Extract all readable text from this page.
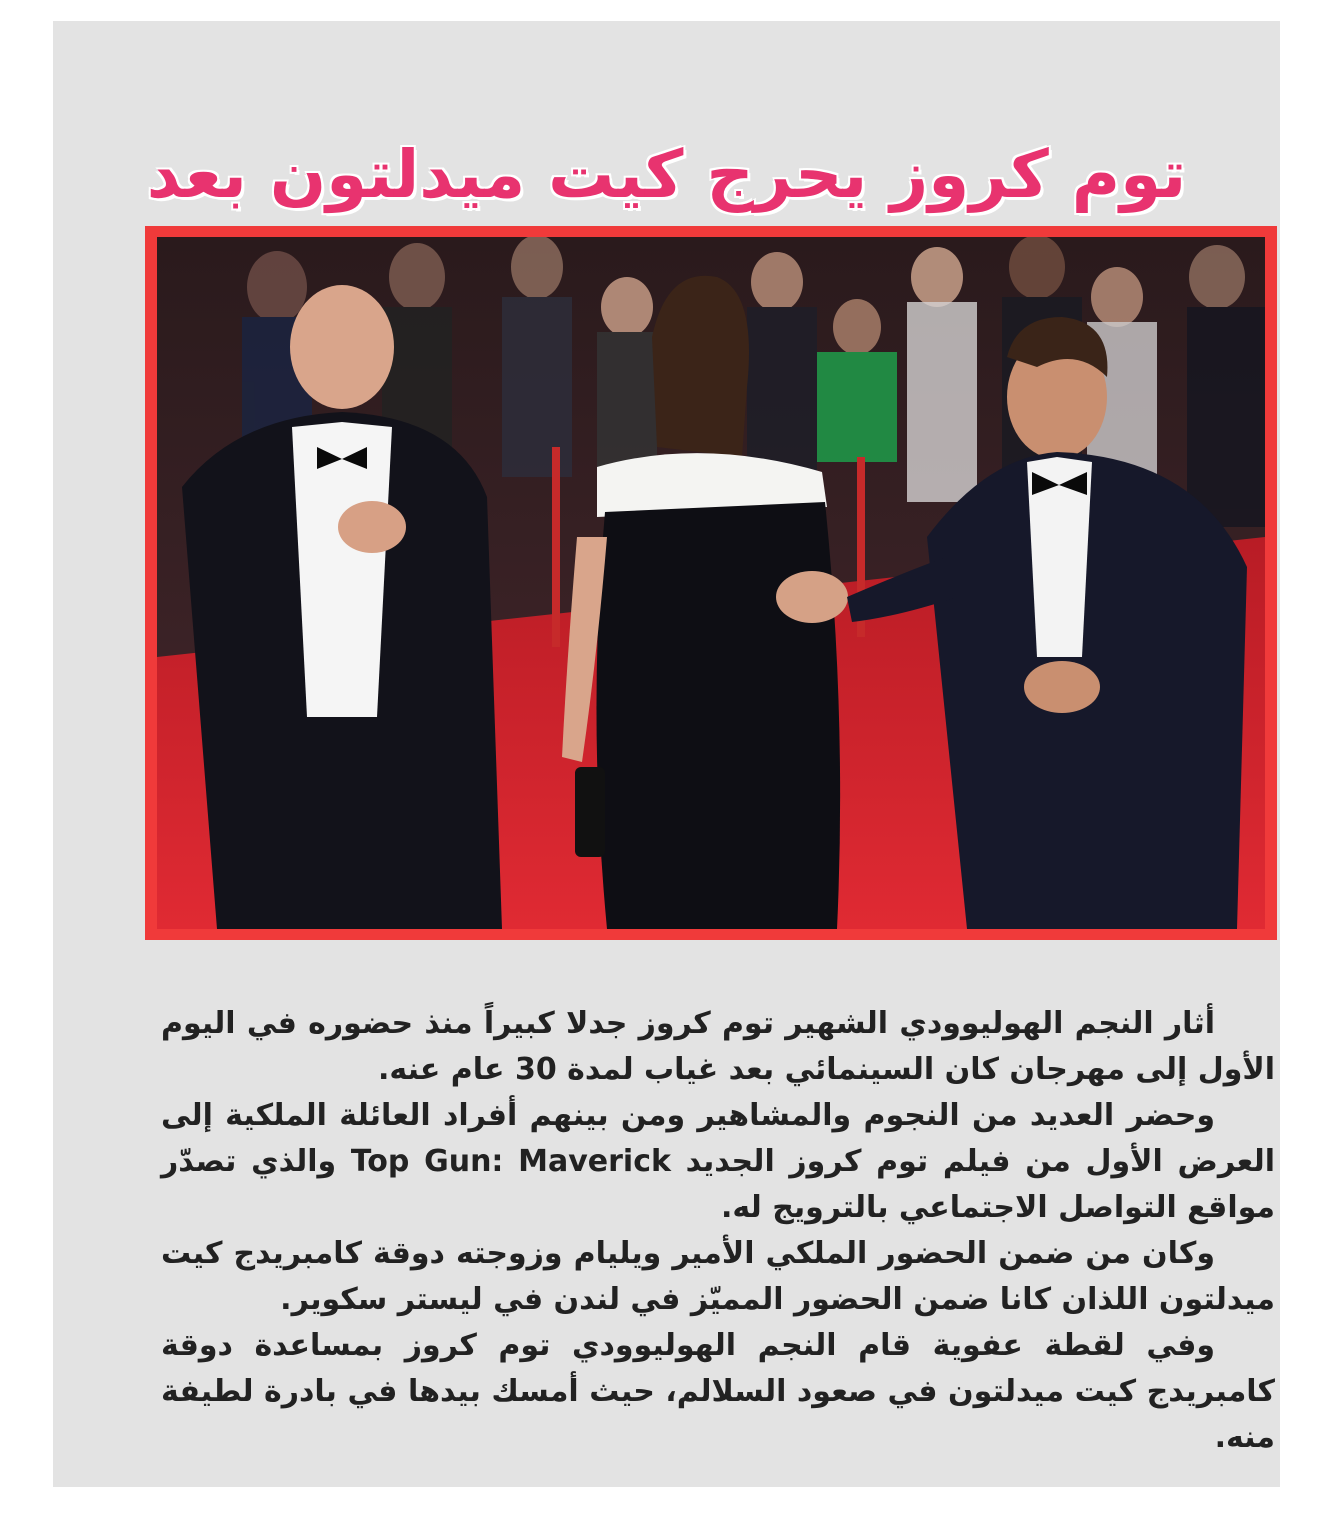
توم كروز يحرج كيت ميدلتون بعد

أثار النجم الهوليوودي الشهير توم كروز جدلا كبيراً منذ حضوره في اليوم الأول إلى مهرجان كان السينمائي بعد غياب لمدة 30 عام عنه.

وحضر العديد من النجوم والمشاهير ومن بينهم أفراد العائلة الملكية إلى العرض الأول من فيلم توم كروز الجديد Top Gun: Maverick والذي تصدّر مواقع التواصل الاجتماعي بالترويج له.

وكان من ضمن الحضور الملكي الأمير ويليام وزوجته دوقة كامبريدج كيت ميدلتون اللذان كانا ضمن الحضور المميّز في لندن في ليستر سكوير.

وفي لقطة عفوية قام النجم الهوليوودي توم كروز بمساعدة دوقة كامبريدج كيت ميدلتون في صعود السلالم، حيث أمسك بيدها في بادرة لطيفة منه.
